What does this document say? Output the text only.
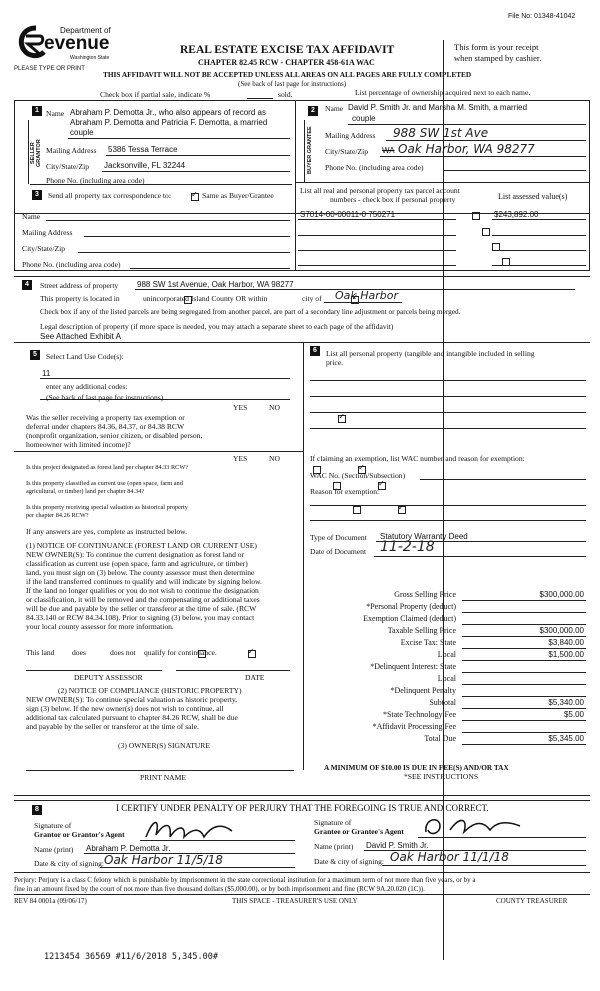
File No: 01348-41042
Department of
evenue
Washington State
PLEASE TYPE OR PRINT
REAL ESTATE EXCISE TAX AFFIDAVIT
CHAPTER 82.45 RCW - CHAPTER 458-61A WAC
This form is your receipt
when stamped by cashier.
THIS AFFIDAVIT WILL NOT BE ACCEPTED UNLESS ALL AREAS ON ALL PAGES ARE FULLY COMPLETED
(See back of last page for instructions)
Check box if partial sale, indicate %	sold.	List percentage of ownership acquired next to each name.
1
SELLER GRANTOR
Name Abraham P. Demotta Jr., who also appears of record as
Abraham P. Demotta and Patricia F. Demotta, a married
couple
Mailing Address 5386 Tessa Terrace
City/State/Zip Jacksonville, FL 32244
Phone No. (including area code)
2
BUYER GRANTEE
Name David P. Smith Jr. and Marsha M. Smith, a married
couple
Mailing Address 988 SW 1st Ave
City/State/Zip WA Oak Harbor, WA 98277
Phone No. (including area code)
3	Send all property tax correspondence to: ✓	Same as Buyer/Grantee
Name
Mailing Address
City/State/Zip
Phone No. (including area code)
List all real and personal property tax parcel account
numbers - check box if personal property	List assessed value(s)
S7014-00-00011-0 750271
	$243,892.00

4	Street address of property 988 SW 1st Avenue, Oak Harbor, WA 98277
This property is located in
	unincorporated Island County OR within ✓	city of Oak Harbor
Check box if any of the listed parcels are being segregated from another parcel, are part of a secondary line adjustment or parcels being merged.
Legal description of property (if more space is needed, you may attach a separate sheet to each page of the affidavit)
See Attached Exhibit A
5	Select Land Use Code(s):
11
enter any additional codes:
(See back of last page for instructions)
YES	NO
Was the seller receiving a property tax exemption or
deferral under chapters 84.36, 84.37, or 84.38 RCW
(nonprofit organization, senior citizen, or disabled person,
homeowner with limited income)?
✓
YES	NO
Is this project designated as forest land per chapter 84.33 RCW?
✓
Is this property classified as current use (open space, farm and
agricultural, or timber) land per chapter 84.34?
✓
Is this property receiving special valuation as historical property
per chapter 84.26 RCW?
✓
If any answers are yes, complete as instructed below.
(1) NOTICE OF CONTINUANCE (FOREST LAND OR CURRENT USE)
NEW OWNER(S): To continue the current designation as forest land or
classification as current use (open space, farm and agriculture, or timber)
land, you must sign on (3) below. The county assessor must then determine
if the land transferred continues to qualify and will indicate by signing below.
If the land no longer qualifies or you do not wish to continue the designation
or classification, it will be removed and the compensating or additional taxes
will be due and payable by the seller or transferor at the time of sale. (RCW
84.33.140 or RCW 84.34.108). Prior to signing (3) below, you may contact
your local county assessor for more information.
This land
does ✓	does not qualify for continuance.
DEPUTY ASSESSOR	DATE
(2) NOTICE OF COMPLIANCE (HISTORIC PROPERTY)
NEW OWNER(S): To continue special valuation as historic property,
sign (3) below. If the new owner(s) does not wish to continue, all
additional tax calculated pursuant to chapter 84.26 RCW, shall be due
and payable by the seller or transferor at the time of sale.
(3) OWNER(S) SIGNATURE
PRINT NAME
6	List all personal property (tangible and intangible included in selling
price.
If claiming an exemption, list WAC number and reason for exemption:
WAC No. (Section/Subsection)
Reason for exemption:
Type of Document Statutory Warranty Deed
Date of Document 11-2-18
Gross Selling Price	$300,000.00
*Personal Property (deduct)
Exemption Claimed (deduct)
Taxable Selling Price	$300,000.00
Excise Tax: State	$3,840.00
Local	$1,500.00
*Delinquent Interest: State
Local
*Delinquent Penalty
Subtotal	$5,340.00
*State Technology Fee	$5.00
*Affidavit Processing Fee
Total Due	$5,345.00
A MINIMUM OF $10.00 IS DUE IN FEE(S) AND/OR TAX
*SEE INSTRUCTIONS
8	I CERTIFY UNDER PENALTY OF PERJURY THAT THE FOREGOING IS TRUE AND CORRECT.
Signature of
Grantor or Grantor's Agent
Name (print) Abraham P. Demotta Jr.
Date & city of signing: Oak Harbor 11/5/18
Signature of
Grantee or Grantee's Agent
Name (print) David P. Smith Jr.
Date & city of signing: Oak Harbor 11/1/18
Perjury: Perjury is a class C felony which is punishable by imprisonment in the state correctional institution for a maximum term of not more than five years, or by a
fine in an amount fixed by the court of not more than five thousand dollars ($5,000.00), or by both imprisonment and fine (RCW 9A.20.020 (1C)).
REV 84 0001a (09/06/17)	THIS SPACE - TREASURER'S USE ONLY	COUNTY TREASURER
1213454 36569 #11/6/2018 5,345.00#
